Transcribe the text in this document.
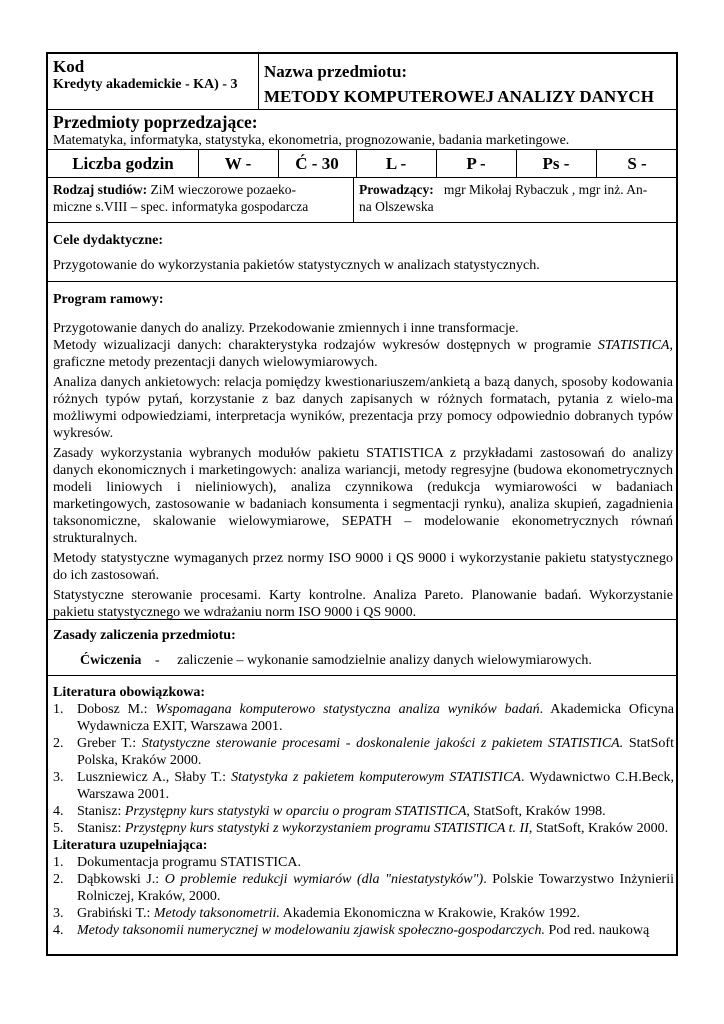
Kod
Kredyty akademickie - KA) - 3
Nazwa przedmiotu:
METODY KOMPUTEROWEJ ANALIZY DANYCH
Przedmioty poprzedzające:
Matematyka, informatyka, statystyka, ekonometria, prognozowanie, badania marketingowe.
Liczba godzin	W -	Ć - 30	L -	P -	Ps -	S -
Rodzaj studiów: ZiM wieczorowe pozaeko-
miczne s.VIII – spec. informatyka gospodarcza
Prowadzący: mgr Mikołaj Rybaczuk , mgr inż. An-
na Olszewska
Cele dydaktyczne:
Przygotowanie do wykorzystania pakietów statystycznych w analizach statystycznych.
Program ramowy:

Przygotowanie danych do analizy. Przekodowanie zmiennych i inne transformacje.

Metody wizualizacji danych: charakterystyka rodzajów wykresów dostępnych w programie STATISTICA, graficzne metody prezentacji danych wielowymiarowych.

Analiza danych ankietowych: relacja pomiędzy kwestionariuszem/ankietą a bazą danych, sposoby kodowania różnych typów pytań, korzystanie z baz danych zapisanych w różnych formatach, pytania z wielo-ma możliwymi odpowiedziami, interpretacja wyników, prezentacja przy pomocy odpowiednio dobranych typów wykresów.

Zasady wykorzystania wybranych modułów pakietu STATISTICA z przykładami zastosowań do analizy danych ekonomicznych i marketingowych: analiza wariancji, metody regresyjne (budowa ekonometrycznych modeli liniowych i nieliniowych), analiza czynnikowa (redukcja wymiarowości w badaniach marketingowych, zastosowanie w badaniach konsumenta i segmentacji rynku), analiza skupień, zagadnienia taksonomiczne, skalowanie wielowymiarowe, SEPATH – modelowanie ekonometrycznych równań strukturalnych.

Metody statystyczne wymaganych przez normy ISO 9000 i QS 9000 i wykorzystanie pakietu statystycznego do ich zastosowań.

Statystyczne sterowanie procesami. Karty kontrolne. Analiza Pareto. Planowanie badań. Wykorzystanie pakietu statystycznego we wdrażaniu norm ISO 9000 i QS 9000.

Zasady zaliczenia przedmiotu:
Ćwiczenia - zaliczenie – wykonanie samodzielnie analizy danych wielowymiarowych.
Literatura obowiązkowa:
1. Dobosz M.: Wspomagana komputerowo statystyczna analiza wyników badań. Akademicka Oficyna Wydawnicza EXIT, Warszawa 2001.
2. Greber T.: Statystyczne sterowanie procesami - doskonalenie jakości z pakietem STATISTICA. StatSoft Polska, Kraków 2000.
3. Luszniewicz A., Słaby T.: Statystyka z pakietem komputerowym STATISTICA. Wydawnictwo C.H.Beck, Warszawa 2001.
4. Stanisz: Przystępny kurs statystyki w oparciu o program STATISTICA, StatSoft, Kraków 1998.
5. Stanisz: Przystępny kurs statystyki z wykorzystaniem programu STATISTICA t. II, StatSoft, Kraków 2000.
Literatura uzupełniająca:
1. Dokumentacja programu STATISTICA.
2. Dąbkowski J.: O problemie redukcji wymiarów (dla "niestatystyków"). Polskie Towarzystwo Inżynierii Rolniczej, Kraków, 2000.
3. Grabiński T.: Metody taksonometrii. Akademia Ekonomiczna w Krakowie, Kraków 1992.
4. Metody taksonomii numerycznej w modelowaniu zjawisk społeczno-gospodarczych. Pod red. naukową
